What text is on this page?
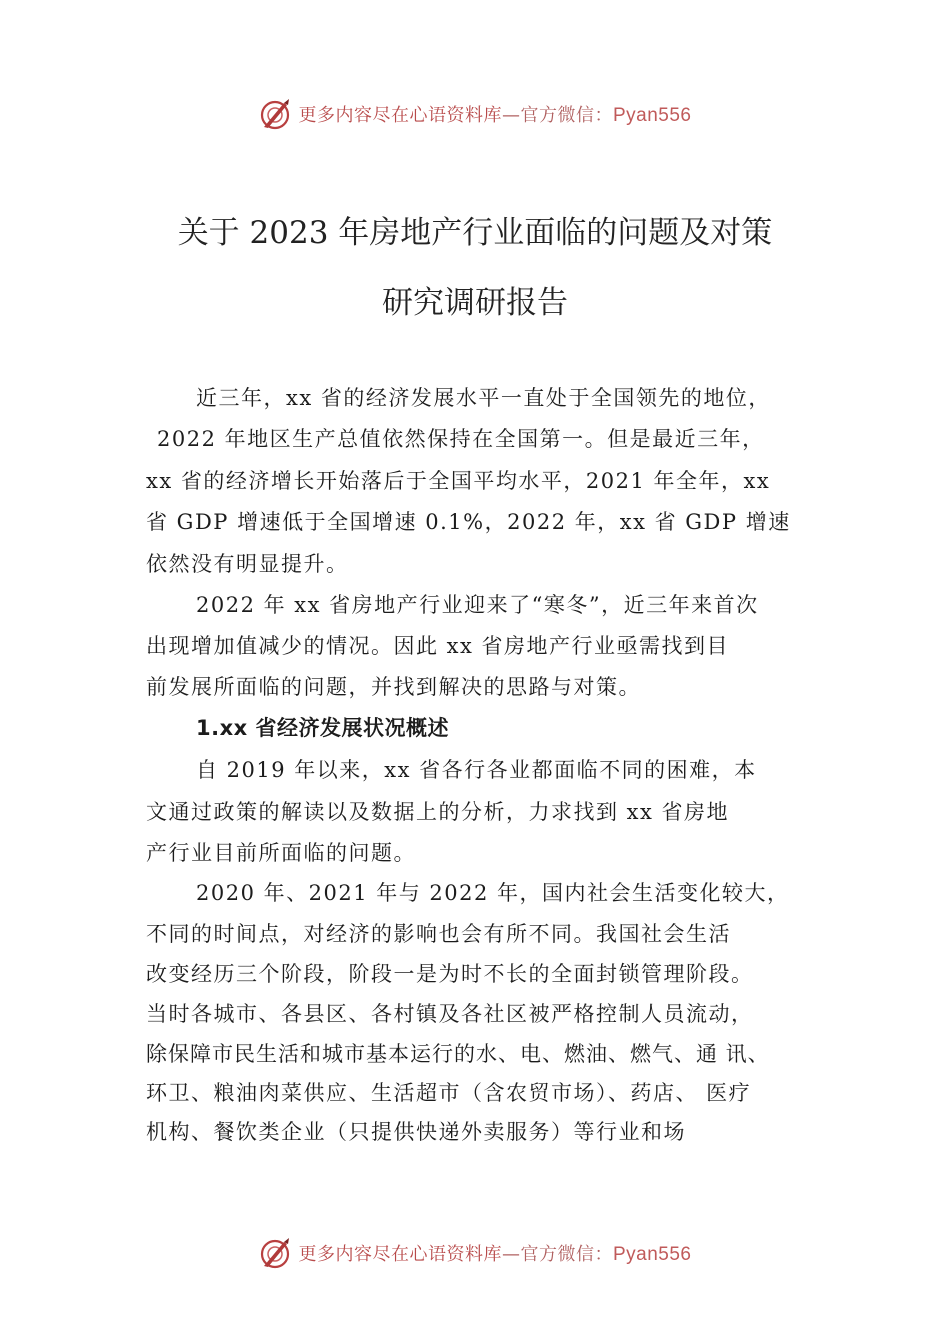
更多内容尽在心语资料库—官方微信：Pyan556
关于 2023 年房地产行业面临的问题及对策
研究调研报告
近三年，xx 省的经济发展水平一直处于全国领先的地位，
2022 年地区生产总值依然保持在全国第一。但是最近三年，
xx 省的经济增长开始落后于全国平均水平，2021 年全年，xx
省 GDP 增速低于全国增速 0.1%，2022 年，xx 省 GDP 增速
依然没有明显提升。
2022 年 xx 省房地产行业迎来了“寒冬”，近三年来首次
出现增加值减少的情况。因此 xx 省房地产行业亟需找到目
前发展所面临的问题，并找到解决的思路与对策。
1.xx 省经济发展状况概述
自 2019 年以来，xx 省各行各业都面临不同的困难，本
文通过政策的解读以及数据上的分析，力求找到 xx 省房地
产行业目前所面临的问题。
2020 年、2021 年与 2022 年，国内社会生活变化较大，
不同的时间点，对经济的影响也会有所不同。我国社会生活
改变经历三个阶段，阶段一是为时不长的全面封锁管理阶段。
当时各城市、各县区、各村镇及各社区被严格控制人员流动，
除保障市民生活和城市基本运行的水、电、燃油、燃气、通 讯、
环卫、粮油肉菜供应、生活超市（含农贸市场）、药店、 医疗
机构、餐饮类企业（只提供快递外卖服务）等行业和场
更多内容尽在心语资料库—官方微信：Pyan556
